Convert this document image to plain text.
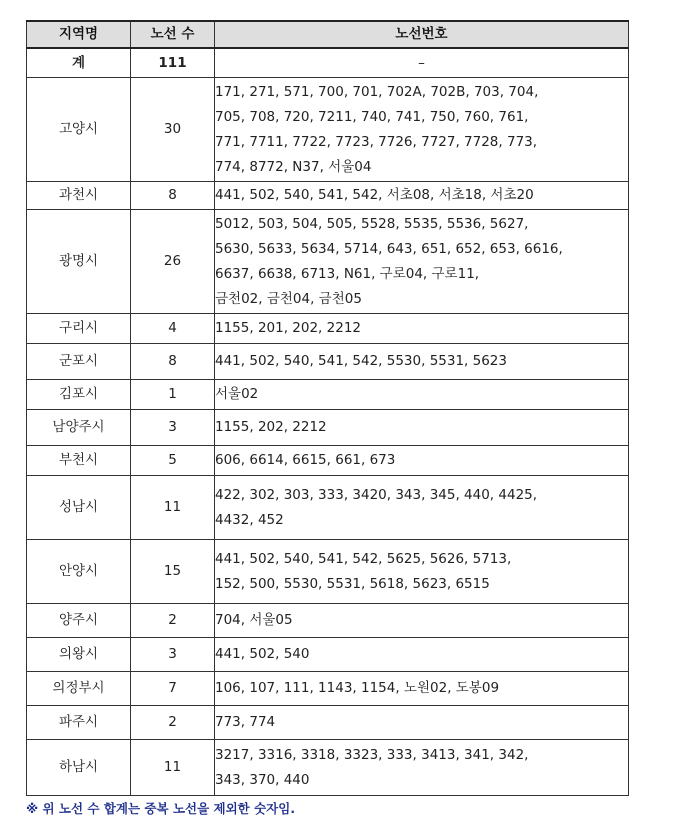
지역명	노선 수	노선번호
계	111	–
고양시	30	171, 271, 571, 700, 701, 702A, 702B, 703, 704,
705, 708, 720, 7211, 740, 741, 750, 760, 761,
771, 7711, 7722, 7723, 7726, 7727, 7728, 773,
774, 8772, N37, 서울04

과천시	8	441, 502, 540, 541, 542, 서초08, 서초18, 서초20

광명시	26	5012, 503, 504, 505, 5528, 5535, 5536, 5627,
5630, 5633, 5634, 5714, 643, 651, 652, 653, 6616,
6637, 6638, 6713, N61, 구로04, 구로11,
금천02, 금천04, 금천05

구리시	4	1155, 201, 202, 2212

군포시	8	441, 502, 540, 541, 542, 5530, 5531, 5623

김포시	1	서울02

남양주시	3	1155, 202, 2212

부천시	5	606, 6614, 6615, 661, 673

성남시	11	422, 302, 303, 333, 3420, 343, 345, 440, 4425,
4432, 452

안양시	15	441, 502, 540, 541, 542, 5625, 5626, 5713,
152, 500, 5530, 5531, 5618, 5623, 6515

양주시	2	704, 서울05

의왕시	3	441, 502, 540

의정부시	7	106, 107, 111, 1143, 1154, 노원02, 도봉09

파주시	2	773, 774

하남시	11	3217, 3316, 3318, 3323, 333, 3413, 341, 342,
343, 370, 440
※ 위 노선 수 합계는 중복 노선을 제외한 숫자임.
